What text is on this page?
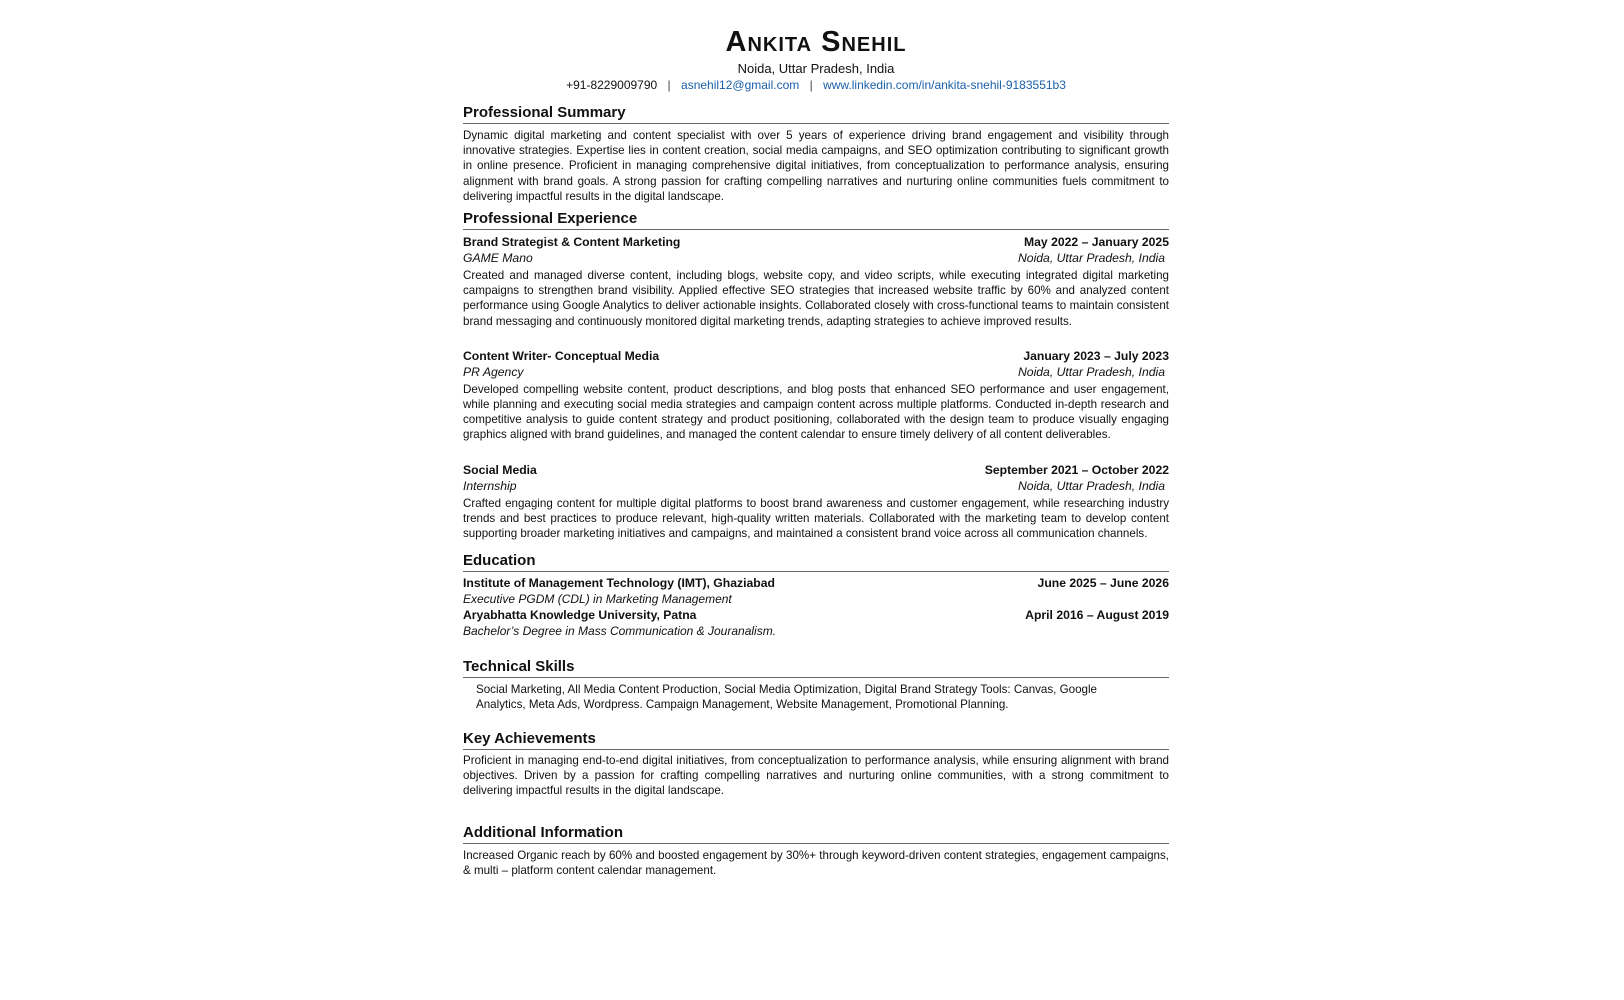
Ankita Snehil
Noida, Uttar Pradesh, India
+91-8229009790 | asnehil12@gmail.com | www.linkedin.com/in/ankita-snehil-9183551b3
Professional Summary

Dynamic digital marketing and content specialist with over 5 years of experience driving brand engagement and visibility through innovative strategies. Expertise lies in content creation, social media campaigns, and SEO optimization contributing to significant growth in online presence. Proficient in managing comprehensive digital initiatives, from conceptualization to performance analysis, ensuring alignment with brand goals. A strong passion for crafting compelling narratives and nurturing online communities fuels commitment to delivering impactful results in the digital landscape.

Professional Experience
Brand Strategist & Content Marketing	May 2022 – January 2025
GAME Mano	Noida, Uttar Pradesh, India

Created and managed diverse content, including blogs, website copy, and video scripts, while executing integrated digital marketing campaigns to strengthen brand visibility. Applied effective SEO strategies that increased website traffic by 60% and analyzed content performance using Google Analytics to deliver actionable insights. Collaborated closely with cross-functional teams to maintain consistent brand messaging and continuously monitored digital marketing trends, adapting strategies to achieve improved results.

Content Writer- Conceptual Media	January 2023 – July 2023
PR Agency	Noida, Uttar Pradesh, India

Developed compelling website content, product descriptions, and blog posts that enhanced SEO performance and user engagement, while planning and executing social media strategies and campaign content across multiple platforms. Conducted in-depth research and competitive analysis to guide content strategy and product positioning, collaborated with the design team to produce visually engaging graphics aligned with brand guidelines, and managed the content calendar to ensure timely delivery of all content deliverables.

Social Media	September 2021 – October 2022
Internship	Noida, Uttar Pradesh, India

Crafted engaging content for multiple digital platforms to boost brand awareness and customer engagement, while researching industry trends and best practices to produce relevant, high-quality written materials. Collaborated with the marketing team to develop content supporting broader marketing initiatives and campaigns, and maintained a consistent brand voice across all communication channels.

Education
Institute of Management Technology (IMT), Ghaziabad	June 2025 – June 2026
Executive PGDM (CDL) in Marketing Management
Aryabhatta Knowledge University, Patna	April 2016 – August 2019
Bachelor’s Degree in Mass Communication & Jouranalism.
Technical Skills

Social Marketing, All Media Content Production, Social Media Optimization, Digital Brand Strategy Tools: Canvas, Google Analytics, Meta Ads, Wordpress. Campaign Management, Website Management, Promotional Planning.

Key Achievements

Proficient in managing end-to-end digital initiatives, from conceptualization to performance analysis, while ensuring alignment with brand objectives. Driven by a passion for crafting compelling narratives and nurturing online communities, with a strong commitment to delivering impactful results in the digital landscape.

Additional Information

Increased Organic reach by 60% and boosted engagement by 30%+ through keyword-driven content strategies, engagement campaigns, & multi – platform content calendar management.
